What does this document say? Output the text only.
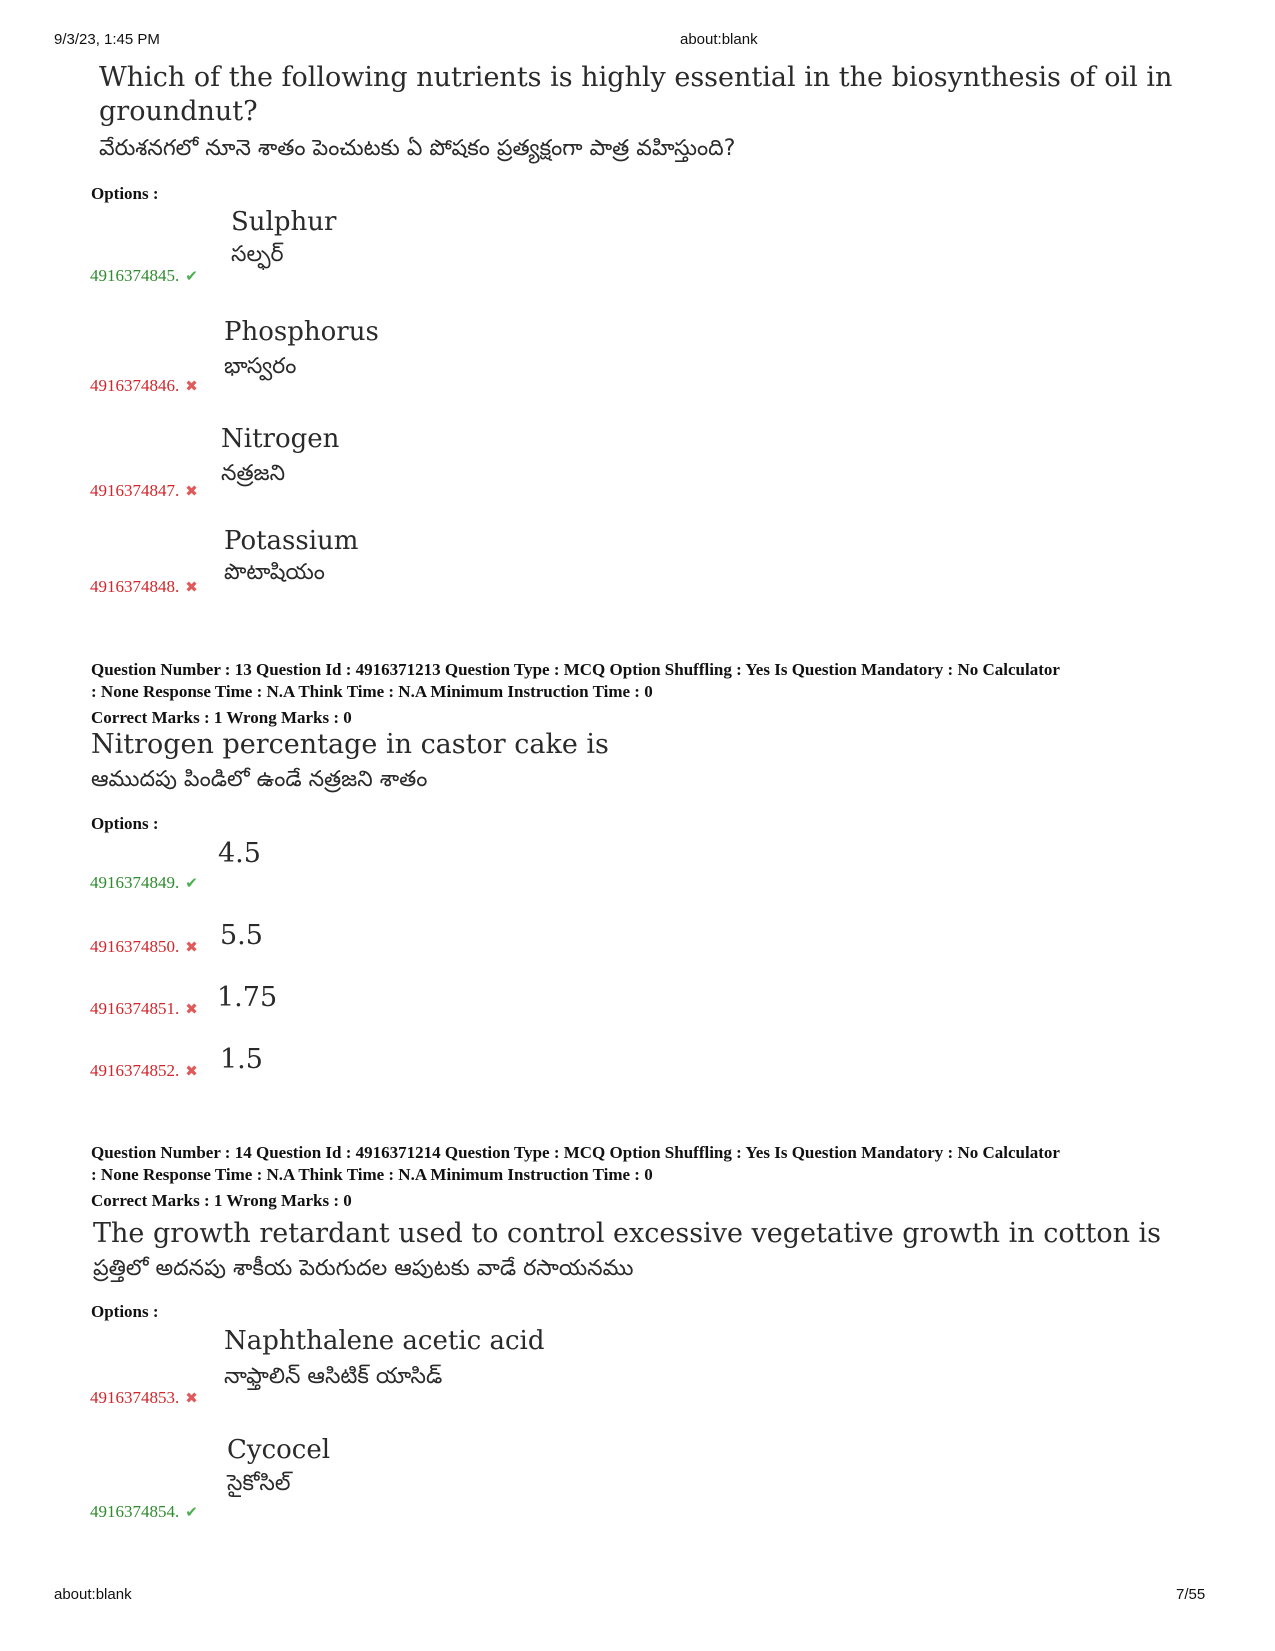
9/3/23, 1:45 PM	about:blank
Which of the following nutrients is highly essential in the biosynthesis of oil in
groundnut?
వేరుశనగలో నూనె శాతం పెంచుటకు ఏ పోషకం ప్రత్యక్షంగా పాత్ర వహిస్తుంది?
Options :
Sulphur
సల్ఫర్
4916374845. ✔
Phosphorus
భాస్వరం
4916374846. ✖
Nitrogen
నత్రజని
4916374847. ✖
Potassium
పొటాషియం
4916374848. ✖
Question Number : 13 Question Id : 4916371213 Question Type : MCQ Option Shuffling : Yes Is Question Mandatory : No Calculator
: None Response Time : N.A Think Time : N.A Minimum Instruction Time : 0
Correct Marks : 1 Wrong Marks : 0
Nitrogen percentage in castor cake is
ఆముదపు పిండిలో ఉండే నత్రజని శాతం
Options :
4.5
4916374849. ✔
4916374850. ✖ 5.5
4916374851. ✖ 1.75
4916374852. ✖ 1.5
Question Number : 14 Question Id : 4916371214 Question Type : MCQ Option Shuffling : Yes Is Question Mandatory : No Calculator
: None Response Time : N.A Think Time : N.A Minimum Instruction Time : 0
Correct Marks : 1 Wrong Marks : 0
The growth retardant used to control excessive vegetative growth in cotton is
ప్రత్తిలో అదనపు శాకీయ పెరుగుదల ఆపుటకు వాడే రసాయనము
Options :
Naphthalene acetic acid
నాఫ్తాలిన్ ఆసిటిక్ యాసిడ్
4916374853. ✖
Cycocel
సైకోసిల్
4916374854. ✔
about:blank	7/55
